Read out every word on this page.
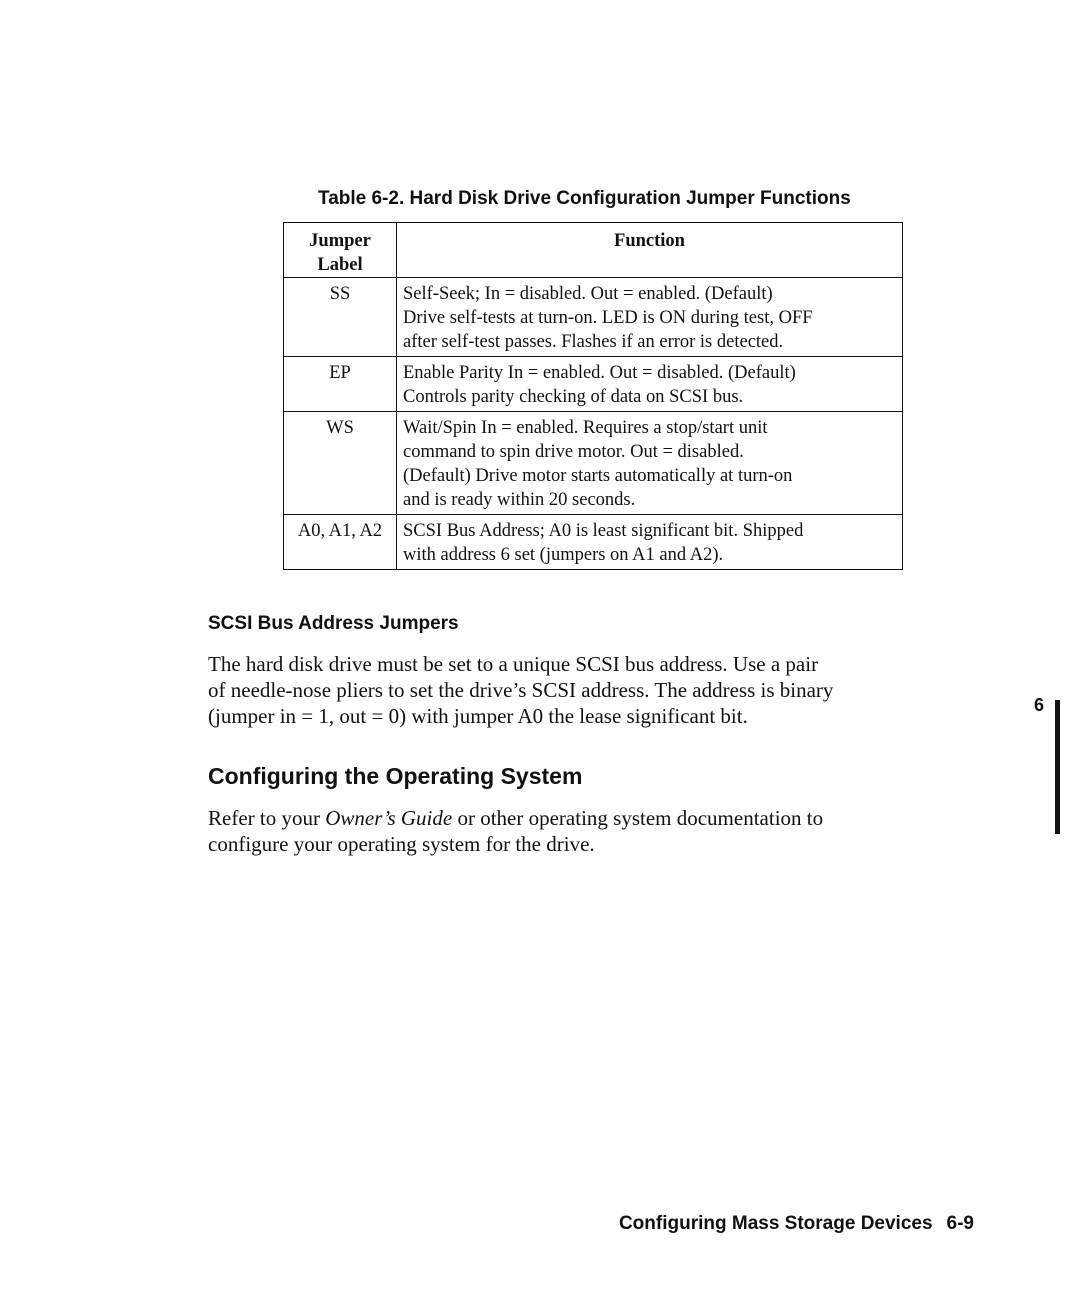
Table 6-2. Hard Disk Drive Configuration Jumper Functions
Jumper
Label	Function
SS	Self-Seek; In = disabled. Out = enabled. (Default)
Drive self-tests at turn-on. LED is ON during test, OFF
after self-test passes. Flashes if an error is detected.
EP	Enable Parity In = enabled. Out = disabled. (Default)
Controls parity checking of data on SCSI bus.
WS	Wait/Spin In = enabled. Requires a stop/start unit
command to spin drive motor. Out = disabled.
(Default) Drive motor starts automatically at turn-on
and is ready within 20 seconds.
A0, A1, A2	SCSI Bus Address; A0 is least significant bit. Shipped
with address 6 set (jumpers on A1 and A2).
SCSI Bus Address Jumpers
The hard disk drive must be set to a unique SCSI bus address. Use a pair
of needle-nose pliers to set the drive’s SCSI address. The address is binary
(jumper in = 1, out = 0) with jumper A0 the lease significant bit.
Configuring the Operating System
Refer to your Owner’s Guide or other operating system documentation to
configure your operating system for the drive.
6
Configuring Mass Storage Devices 6-9
